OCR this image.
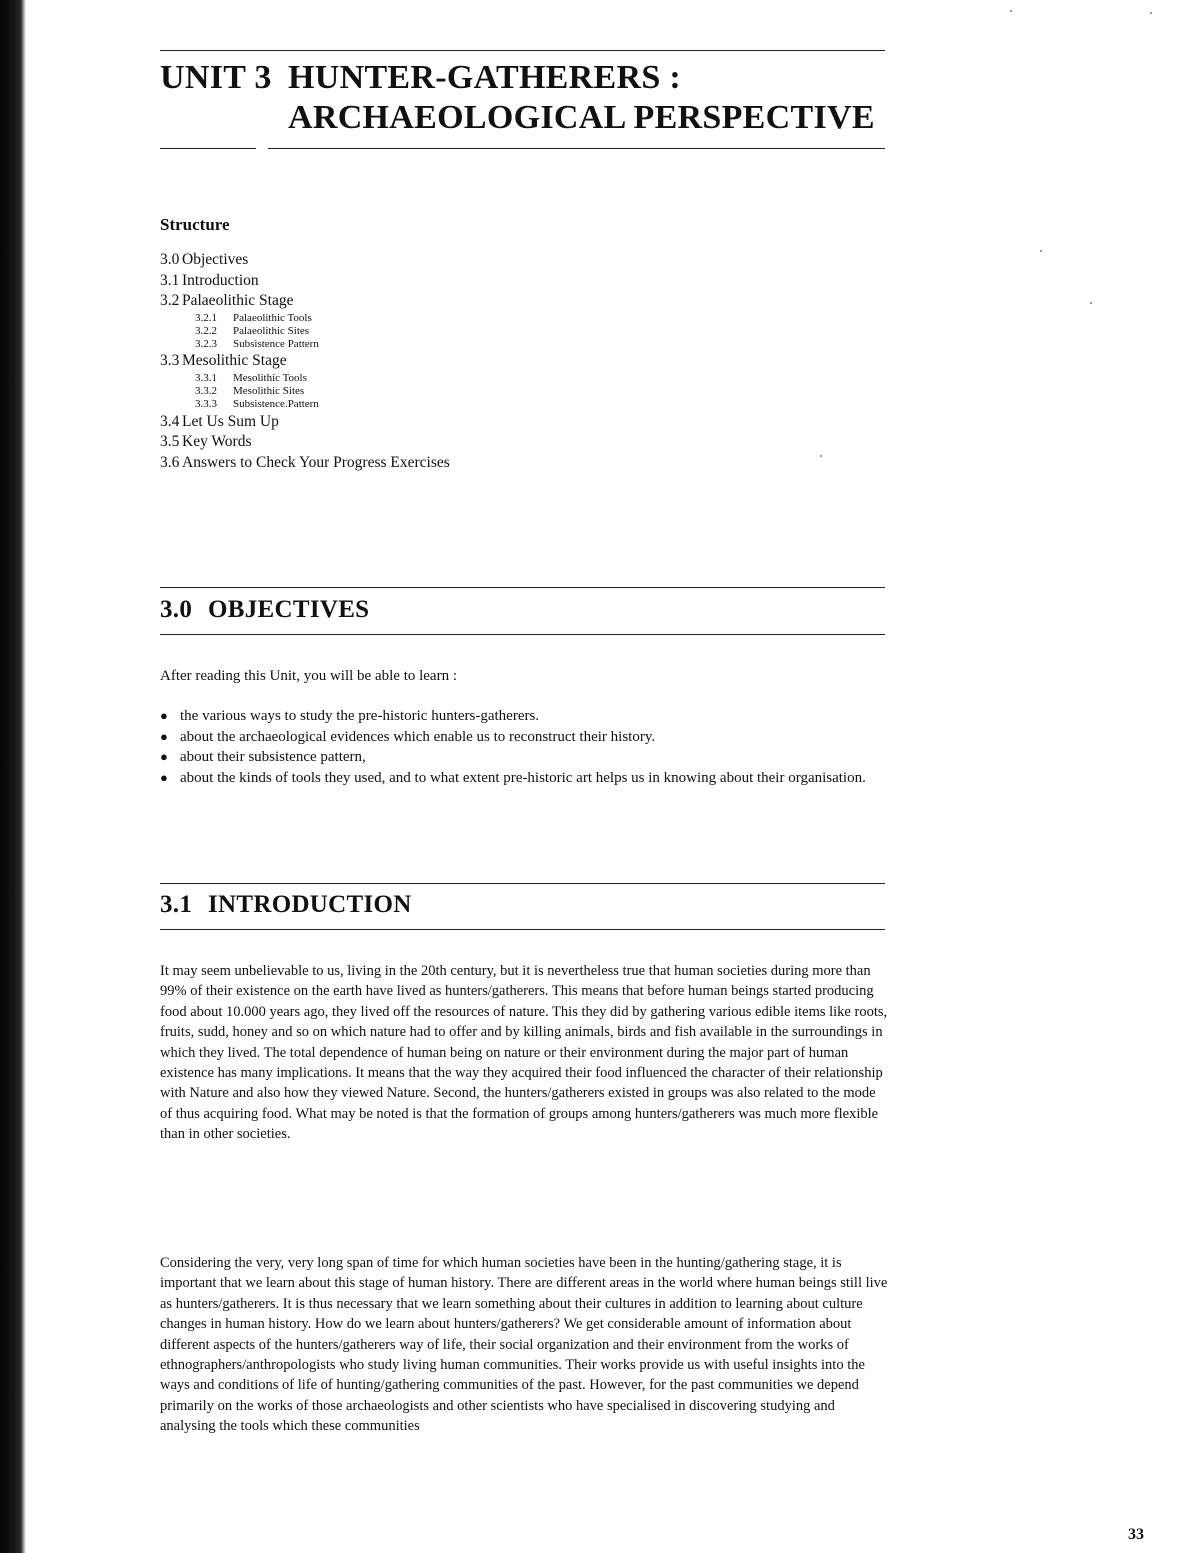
UNIT 3 HUNTER-GATHERERS :
ARCHAEOLOGICAL PERSPECTIVE
Structure
3.0 Objectives
3.1 Introduction
3.2 Palaeolithic Stage
3.2.1 Palaeolithic Tools
3.2.2 Palaeolithic Sites
3.2.3 Subsistence Pattern
3.3 Mesolithic Stage
3.3.1 Mesolithic Tools
3.3.2 Mesolithic Sites
3.3.3 Subsistence.Pattern
3.4 Let Us Sum Up
3.5 Key Words
3.6 Answers to Check Your Progress Exercises
3.0 OBJECTIVES
After reading this Unit, you will be able to learn :
● the various ways to study the pre-historic hunters-gatherers.
● about the archaeological evidences which enable us to reconstruct their history.
● about their subsistence pattern,
● about the kinds of tools they used, and to what extent pre-historic art helps us in knowing about their organisation.
3.1 INTRODUCTION

It may seem unbelievable to us, living in the 20th century, but it is nevertheless true that human societies during more than 99% of their existence on the earth have lived as hunters/gatherers. This means that before human beings started producing food about 10.000 years ago, they lived off the resources of nature. This they did by gathering various edible items like roots, fruits, sudd, honey and so on which nature had to offer and by killing animals, birds and fish available in the surroundings in which they lived. The total dependence of human being on nature or their environment during the major part of human existence has many implications. It means that the way they acquired their food influenced the character of their relationship with Nature and also how they viewed Nature. Second, the hunters/gatherers existed in groups was also related to the mode of thus acquiring food. What may be noted is that the formation of groups among hunters/gatherers was much more flexible than in other societies.

Considering the very, very long span of time for which human societies have been in the hunting/gathering stage, it is important that we learn about this stage of human history. There are different areas in the world where human beings still live as hunters/gatherers. It is thus necessary that we learn something about their cultures in addition to learning about culture changes in human history. How do we learn about hunters/gatherers? We get considerable amount of information about different aspects of the hunters/gatherers way of life, their social organization and their environment from the works of ethnographers/anthropologists who study living human communities. Their works provide us with useful insights into the ways and conditions of life of hunting/gathering communities of the past. However, for the past communities we depend primarily on the works of those archaeologists and other scientists who have specialised in discovering studying and analysing the tools which these communities

33
